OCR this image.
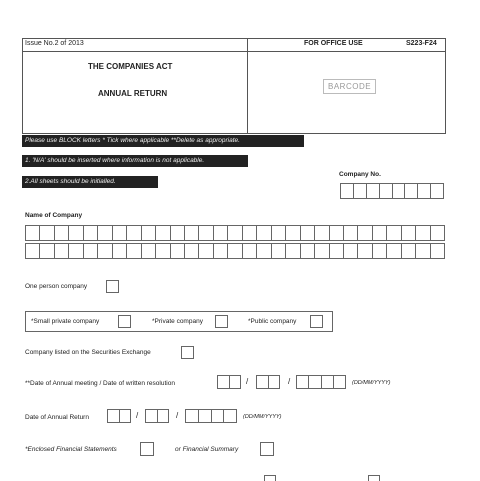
Issue No.2 of 2013	FOR OFFICE USE	S223-F24
THE COMPANIES ACT
ANNUAL RETURN
BARCODE
Please use BLOCK letters * Tick where applicable **Delete as appropriate.
1. 'N/A' should be inserted where information is not applicable.
2.All sheets should be initialled.
Company No.
Name of Company
One person company
*Small private company	*Private company	*Public company
Company listed on the Securities Exchange
**Date of Annual meeting / Date of written resolution	/	/	(DD/MM/YYYY)
Date of Annual Return	/	/	(DD/MM/YYYY)
*Enclosed Financial Statements	or Financial Summary
